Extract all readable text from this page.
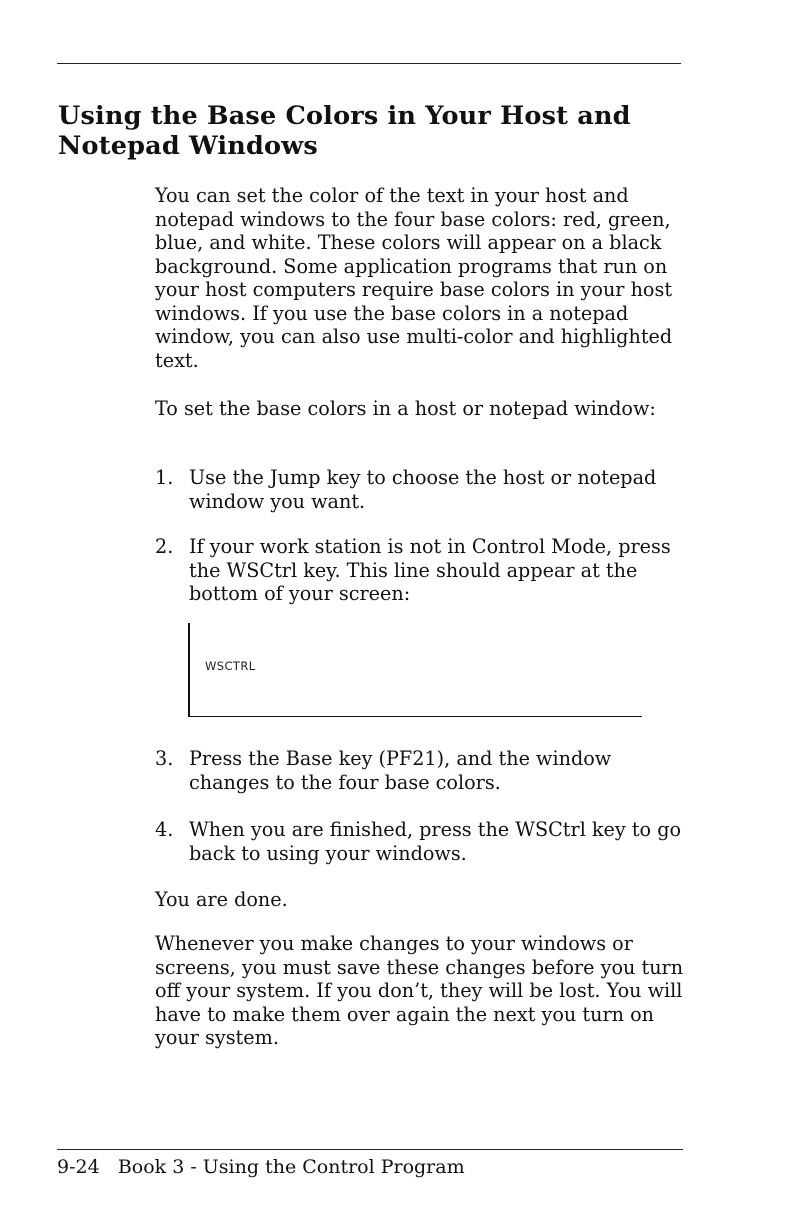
Using the Base Colors in Your Host and Notepad Windows

You can set the color of the text in your host and notepad windows to the four base colors: red, green, blue, and white. These colors will appear on a black background. Some application programs that run on your host computers require base colors in your host windows. If you use the base colors in a notepad window, you can also use multi-color and highlighted text.

To set the base colors in a host or notepad window:

1. Use the Jump key to choose the host or notepad window you want.
2. If your work station is not in Control Mode, press the WSCtrl key. This line should appear at the bottom of your screen:
WSCTRL
3. Press the Base key (PF21), and the window changes to the four base colors.
4. When you are finished, press the WSCtrl key to go back to using your windows.

You are done.

Whenever you make changes to your windows or screens, you must save these changes before you turn off your system. If you don’t, they will be lost. You will have to make them over again the next you turn on your system.

9-24 Book 3 - Using the Control Program
